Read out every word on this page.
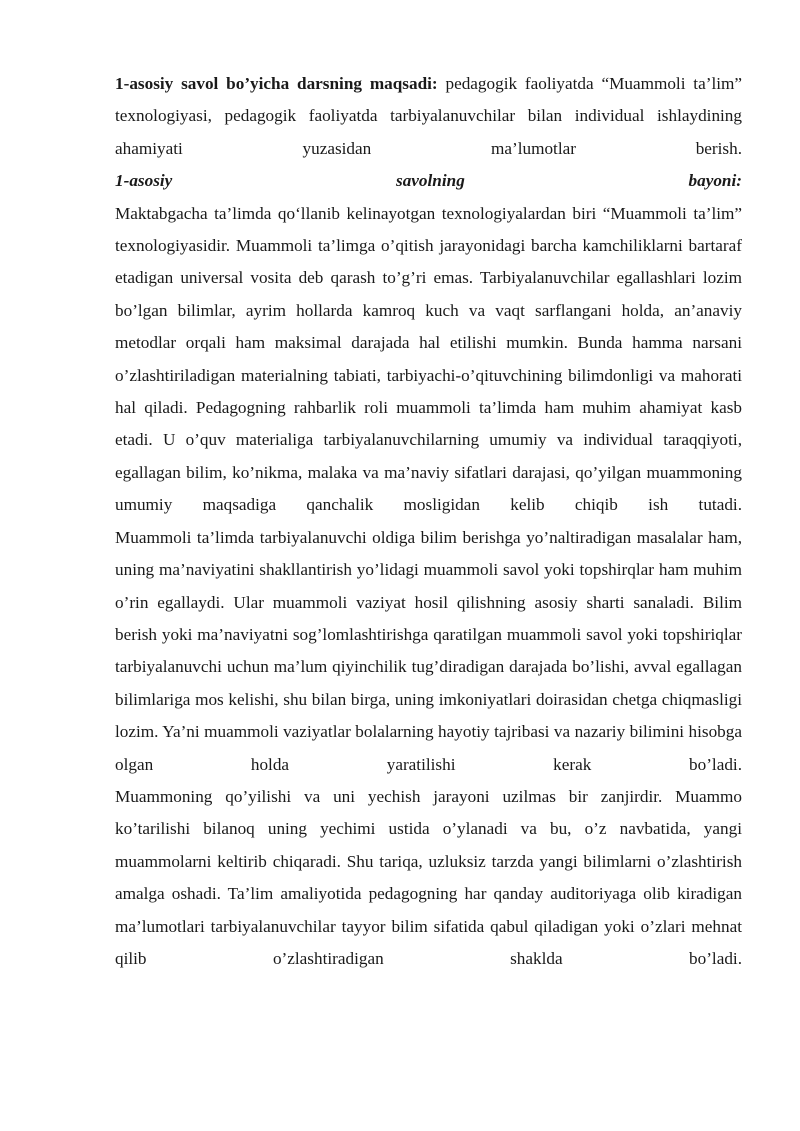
1-asosiy savol bo’yicha darsning maqsadi: pedagogik faoliyatda “Muammoli ta’lim” texnologiyasi, pedagogik faoliyatda tarbiyalanuvchilar bilan individual ishlaydining ahamiyati yuzasidan ma’lumotlar berish.

1-asosiy savolning bayoni:

Maktabgacha ta’limda qo‘llanib kelinayotgan texnologiyalardan biri “Muammoli ta’lim” texnologiyasidir. Muammoli ta’limga o’qitish jarayonidagi barcha kamchiliklarni bartaraf etadigan universal vosita deb qarash to’g’ri emas. Tarbiyalanuvchilar egallashlari lozim bo’lgan bilimlar, ayrim hollarda kamroq kuch va vaqt sarflangani holda, an’anaviy metodlar orqali ham maksimal darajada hal etilishi mumkin. Bunda hamma narsani o’zlashtiriladigan materialning tabiati, tarbiyachi-o’qituvchining bilimdonligi va mahorati hal qiladi. Pedagogning rahbarlik roli muammoli ta’limda ham muhim ahamiyat kasb etadi. U o’quv materialiga tarbiyalanuvchilarning umumiy va individual taraqqiyoti, egallagan bilim, ko’nikma, malaka va ma’naviy sifatlari darajasi, qo’yilgan muammoning umumiy maqsadiga qanchalik mosligidan kelib chiqib ish tutadi.

Muammoli ta’limda tarbiyalanuvchi oldiga bilim berishga yo’naltiradigan masalalar ham, uning ma’naviyatini shakllantirish yo’lidagi muammoli savol yoki topshirqlar ham muhim o’rin egallaydi. Ular muammoli vaziyat hosil qilishning asosiy sharti sanaladi. Bilim berish yoki ma’naviyatni sog’lomlashtirishga qaratilgan muammoli savol yoki topshiriqlar tarbiyalanuvchi uchun ma’lum qiyinchilik tug’diradigan darajada bo’lishi, avval egallagan bilimlariga mos kelishi, shu bilan birga, uning imkoniyatlari doirasidan chetga chiqmasligi lozim. Ya’ni muammoli vaziyatlar bolalarning hayotiy tajribasi va nazariy bilimini hisobga olgan holda yaratilishi kerak bo’ladi.

Muammoning qo’yilishi va uni yechish jarayoni uzilmas bir zanjirdir. Muammo ko’tarilishi bilanoq uning yechimi ustida o’ylanadi va bu, o’z navbatida, yangi muammolarni keltirib chiqaradi. Shu tariqa, uzluksiz tarzda yangi bilimlarni o’zlashtirish amalga oshadi. Ta’lim amaliyotida pedagogning har qanday auditoriyaga olib kiradigan ma’lumotlari tarbiyalanuvchilar tayyor bilim sifatida qabul qiladigan yoki o’zlari mehnat qilib o’zlashtiradigan shaklda bo’ladi.
